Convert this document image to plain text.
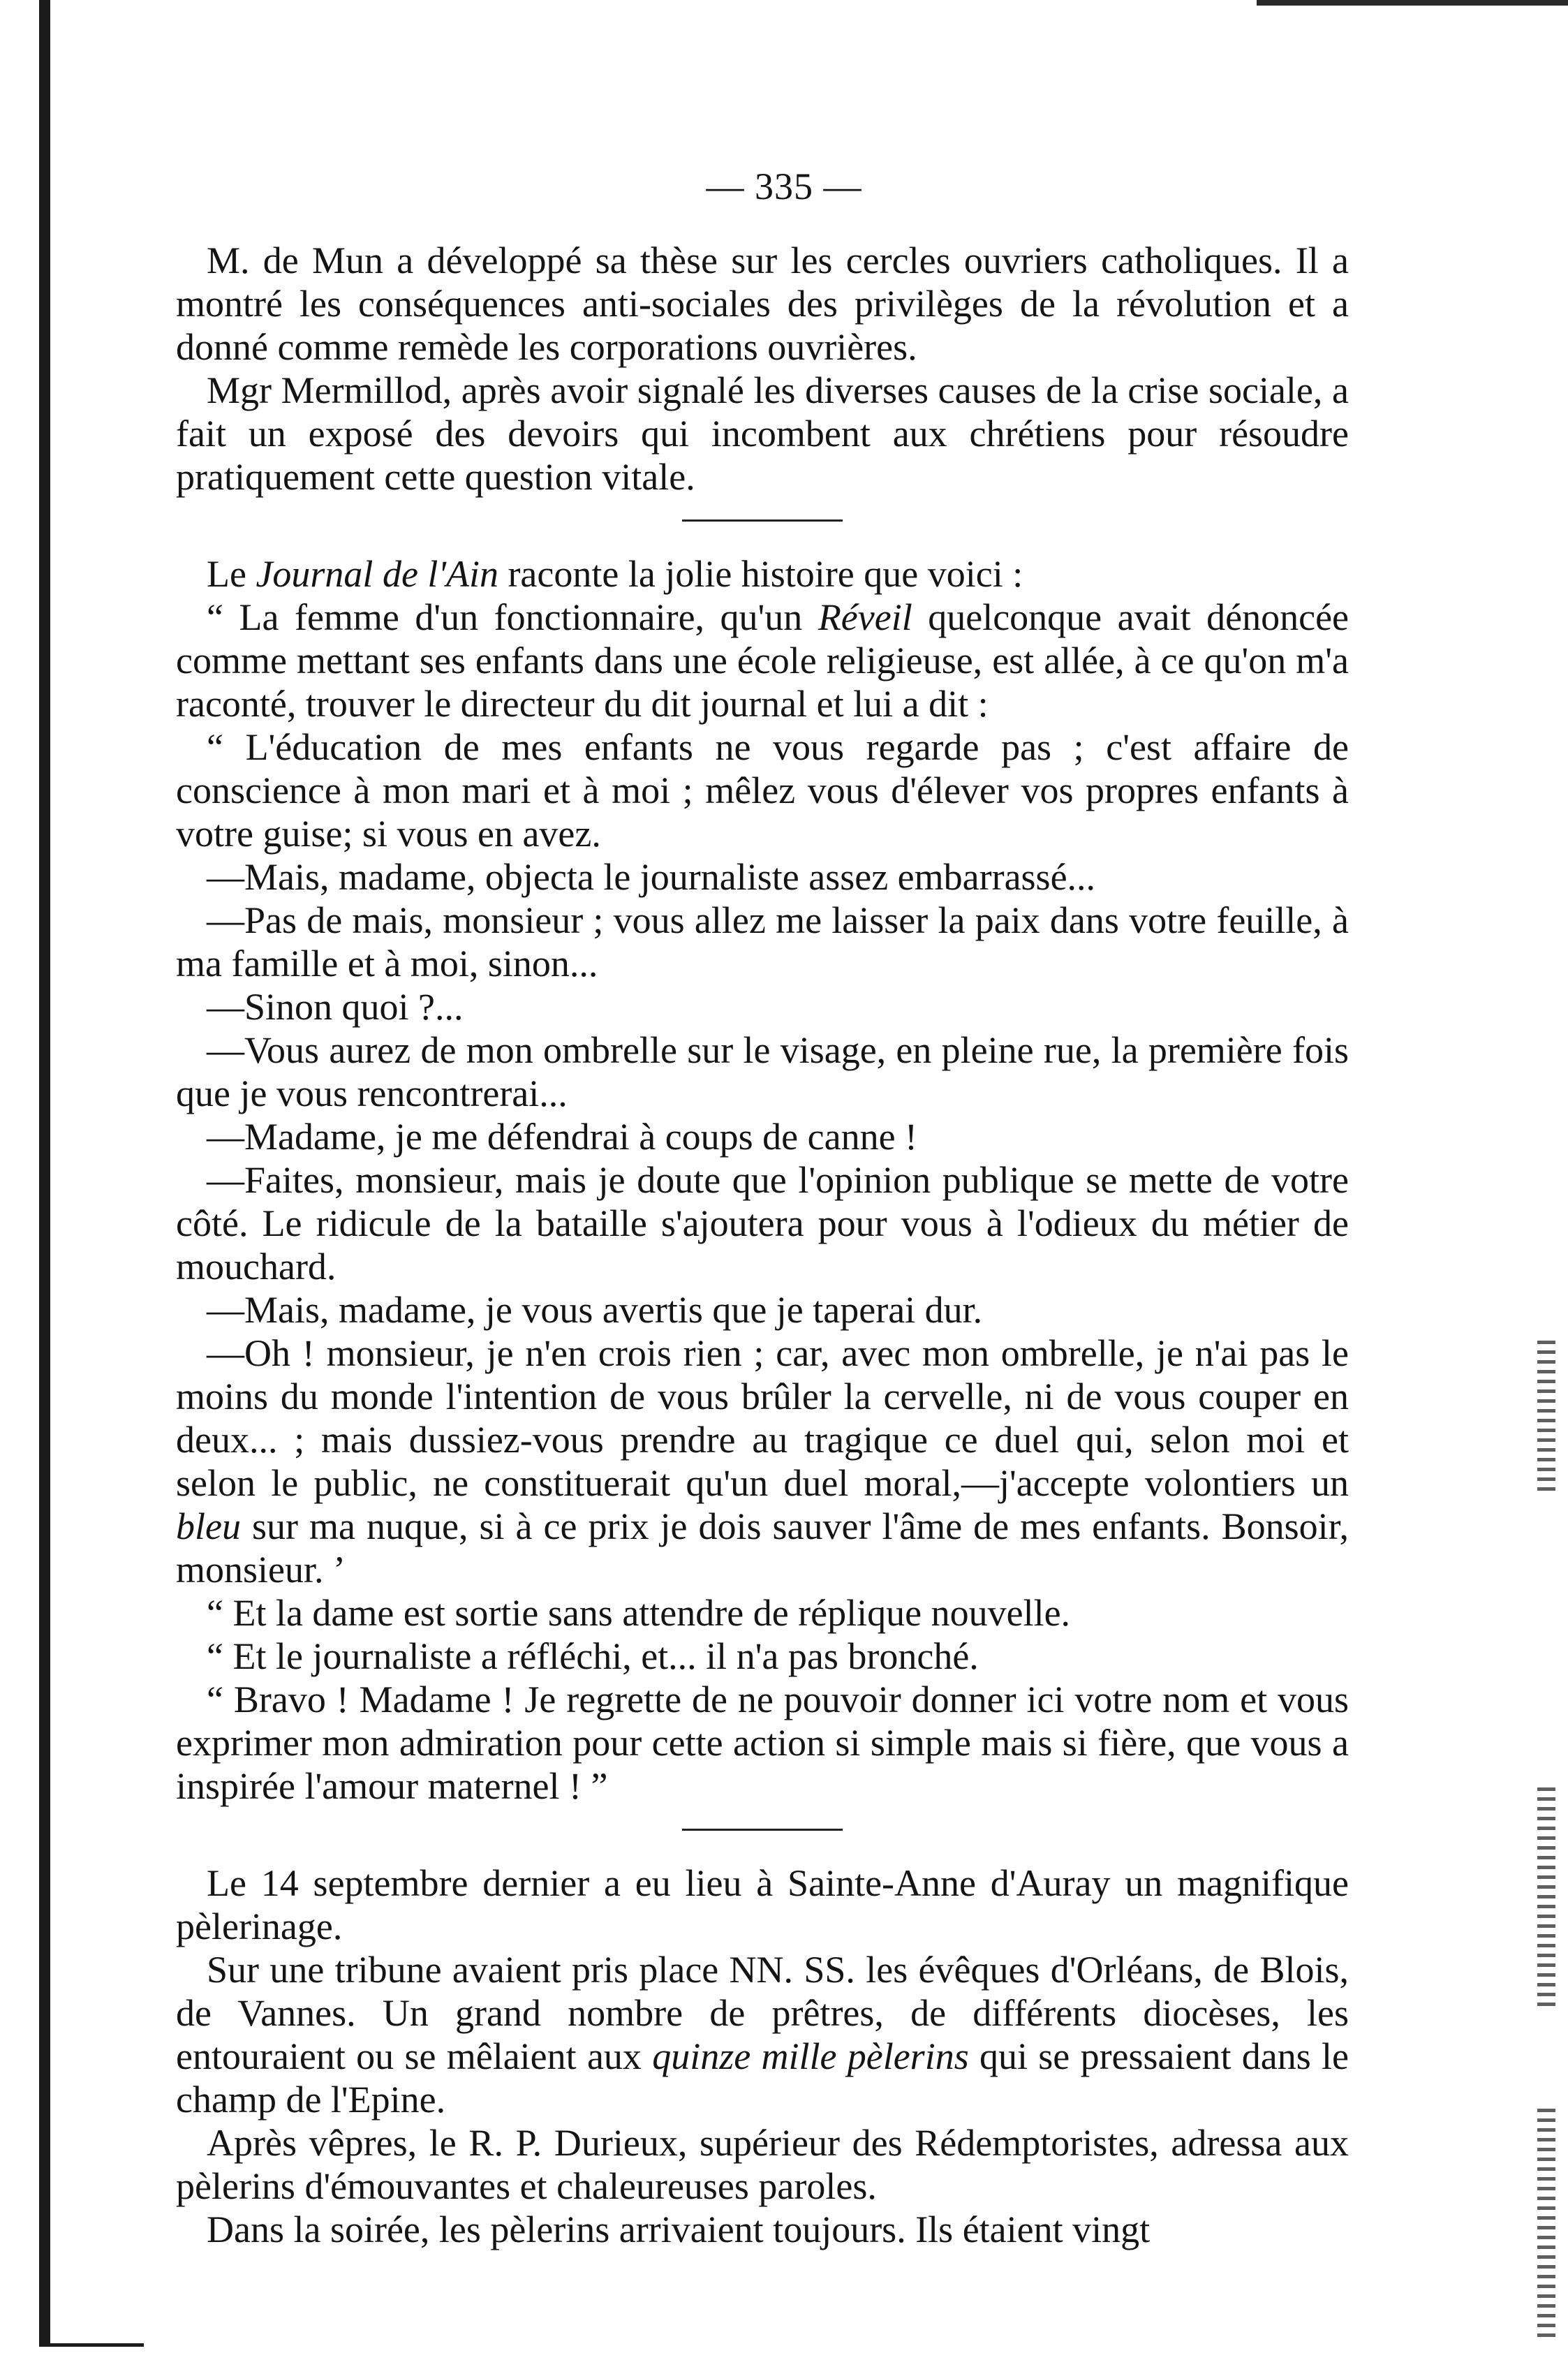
— 335 —

M. de Mun a développé sa thèse sur les cercles ouvriers catholiques. Il a montré les conséquences anti-sociales des privilèges de la révolution et a donné comme remède les corporations ouvrières.

Mgr Mermillod, après avoir signalé les diverses causes de la crise sociale, a fait un exposé des devoirs qui incombent aux chrétiens pour résoudre pratiquement cette question vitale.

Le Journal de l'Ain raconte la jolie histoire que voici :

“ La femme d'un fonctionnaire, qu'un Réveil quelconque avait dénoncée comme mettant ses enfants dans une école religieuse, est allée, à ce qu'on m'a raconté, trouver le directeur du dit journal et lui a dit :

“ L'éducation de mes enfants ne vous regarde pas ; c'est affaire de conscience à mon mari et à moi ; mêlez vous d'élever vos propres enfants à votre guise; si vous en avez.

—Mais, madame, objecta le journaliste assez embarrassé...

—Pas de mais, monsieur ; vous allez me laisser la paix dans votre feuille, à ma famille et à moi, sinon...

—Sinon quoi ?...

—Vous aurez de mon ombrelle sur le visage, en pleine rue, la première fois que je vous rencontrerai...

—Madame, je me défendrai à coups de canne !

—Faites, monsieur, mais je doute que l'opinion publique se mette de votre côté. Le ridicule de la bataille s'ajoutera pour vous à l'odieux du métier de mouchard.

—Mais, madame, je vous avertis que je taperai dur.

—Oh ! monsieur, je n'en crois rien ; car, avec mon ombrelle, je n'ai pas le moins du monde l'intention de vous brûler la cervelle, ni de vous couper en deux... ; mais dussiez-vous prendre au tragique ce duel qui, selon moi et selon le public, ne constituerait qu'un duel moral,—j'accepte volontiers un bleu sur ma nuque, si à ce prix je dois sauver l'âme de mes enfants. Bonsoir, monsieur. ’

“ Et la dame est sortie sans attendre de réplique nouvelle.

“ Et le journaliste a réfléchi, et... il n'a pas bronché.

“ Bravo ! Madame ! Je regrette de ne pouvoir donner ici votre nom et vous exprimer mon admiration pour cette action si simple mais si fière, que vous a inspirée l'amour maternel ! ”

Le 14 septembre dernier a eu lieu à Sainte-Anne d'Auray un magnifique pèlerinage.

Sur une tribune avaient pris place NN. SS. les évêques d'Orléans, de Blois, de Vannes. Un grand nombre de prêtres, de différents diocèses, les entouraient ou se mêlaient aux quinze mille pèlerins qui se pressaient dans le champ de l'Epine.

Après vêpres, le R. P. Durieux, supérieur des Rédemptoristes, adressa aux pèlerins d'émouvantes et chaleureuses paroles.

Dans la soirée, les pèlerins arrivaient toujours. Ils étaient vingt
